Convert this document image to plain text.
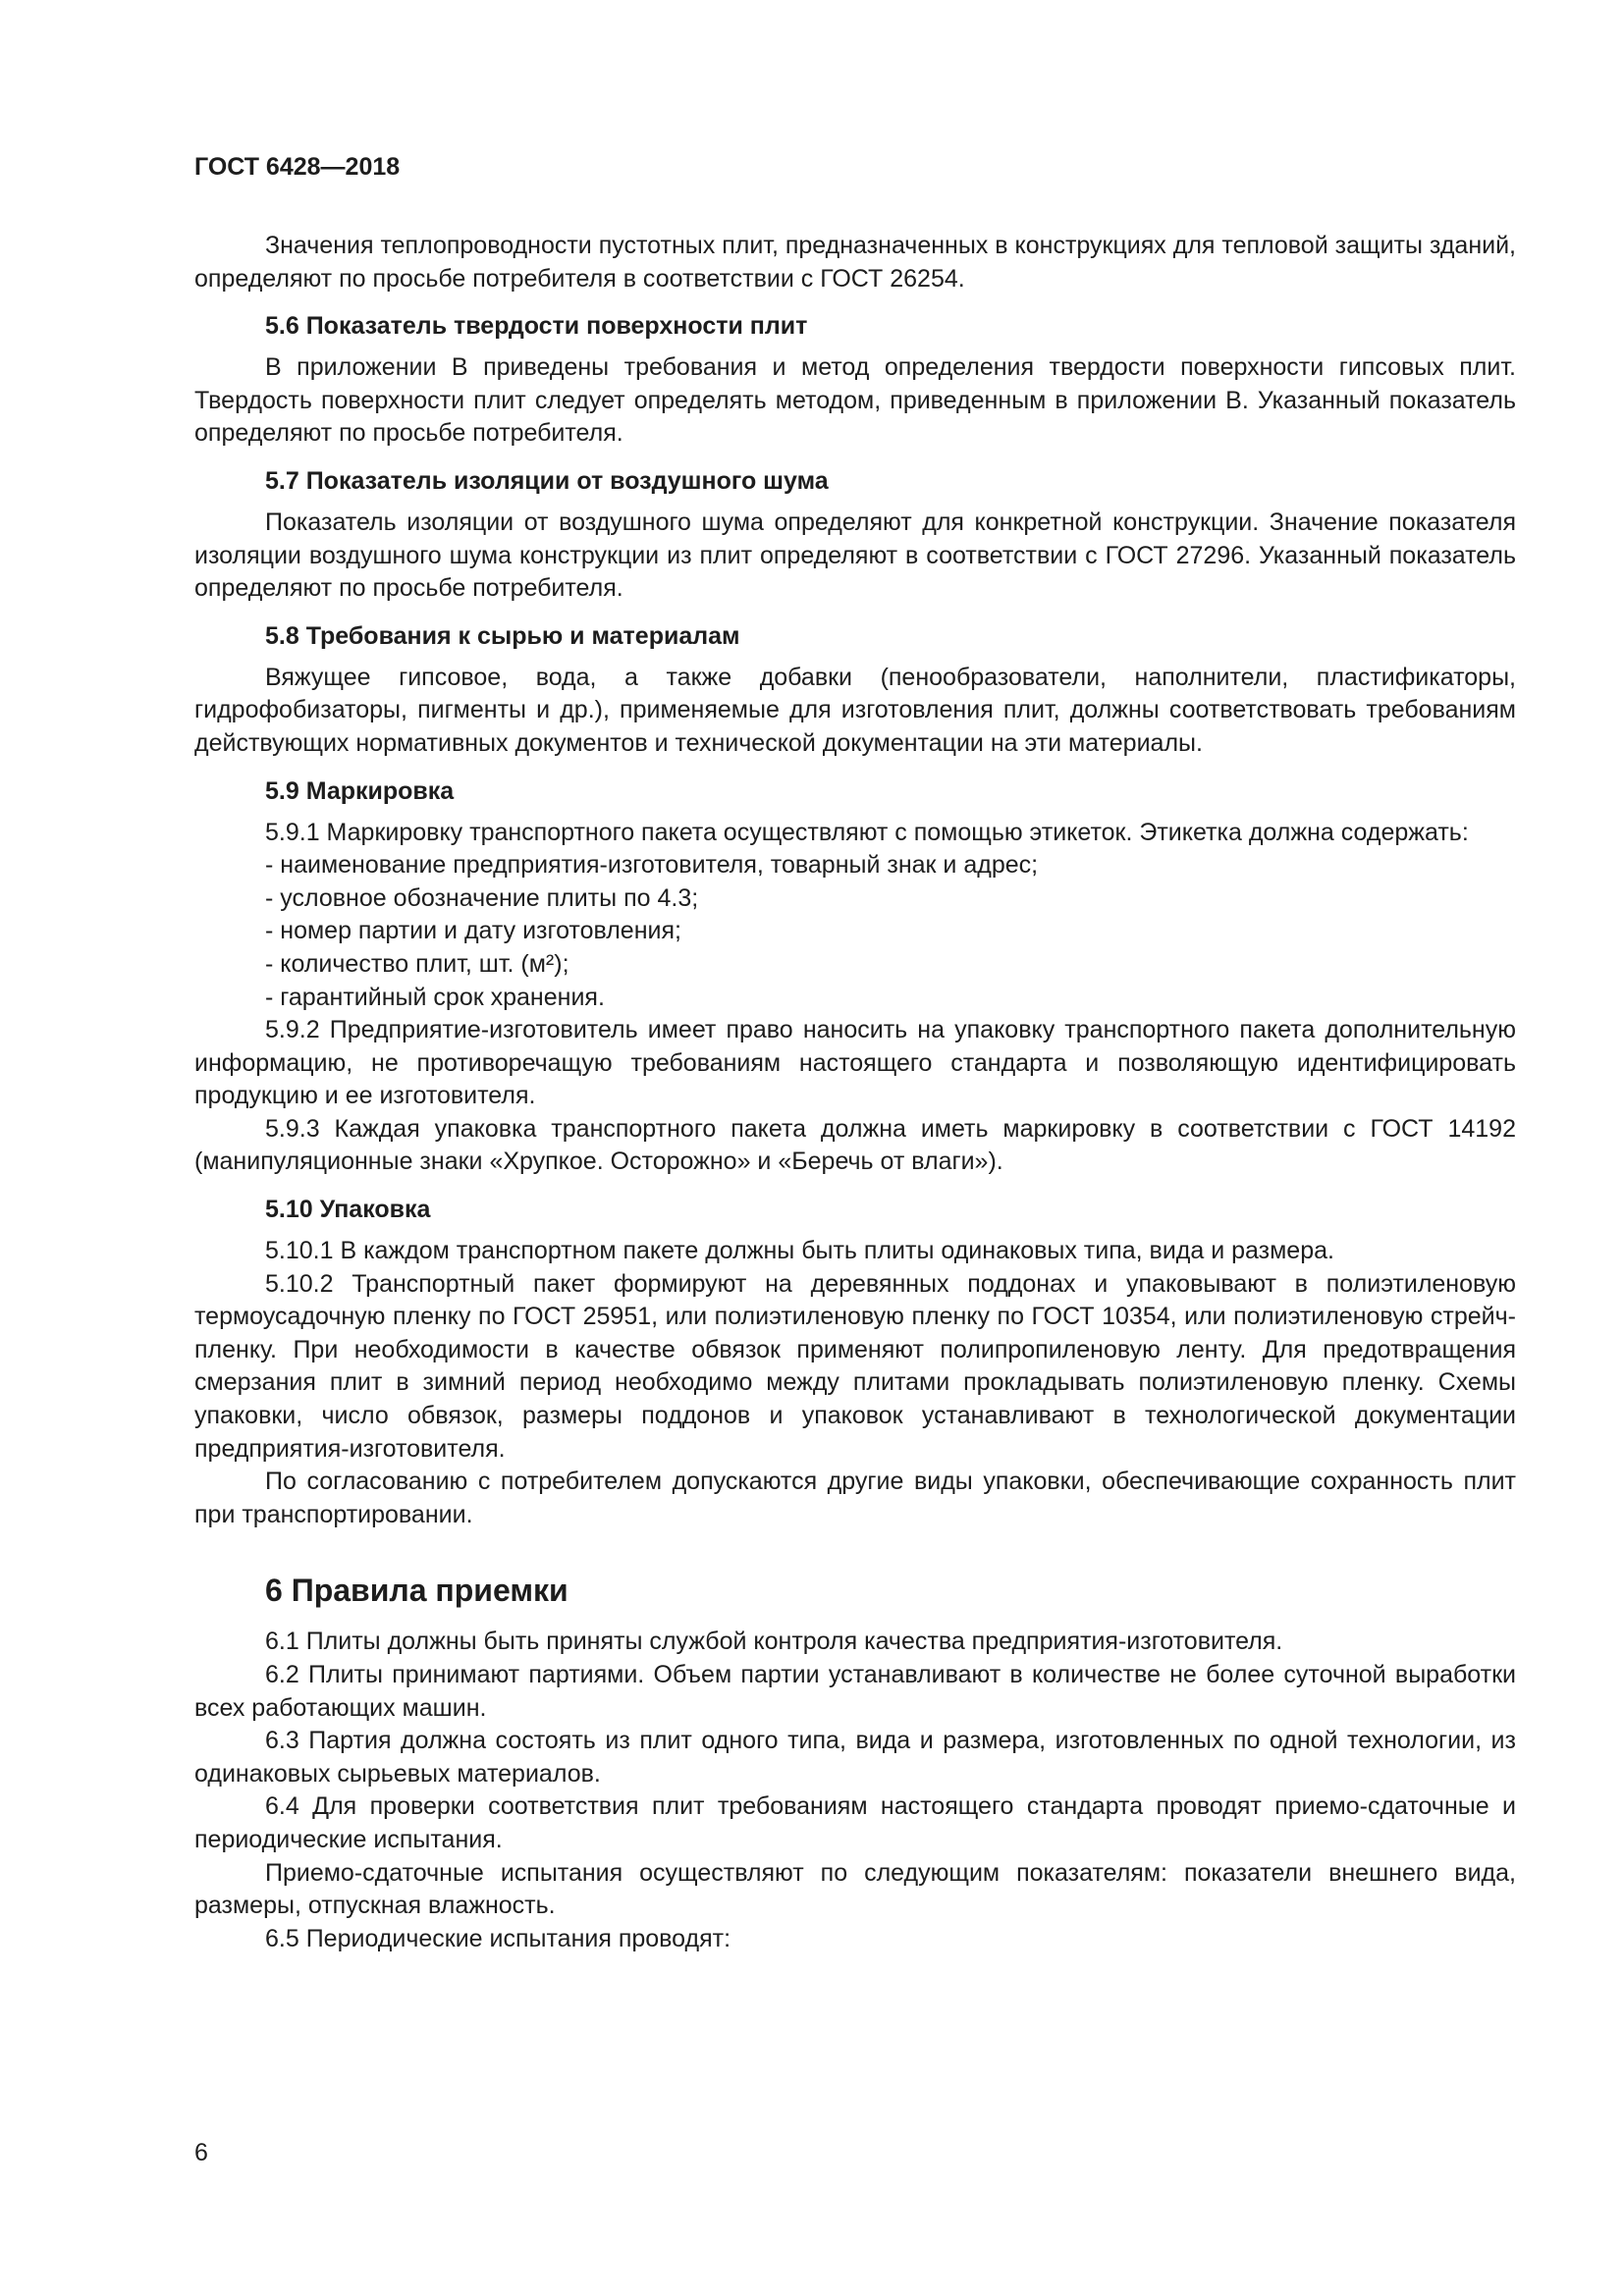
ГОСТ 6428—2018

Значения теплопроводности пустотных плит, предназначенных в конструкциях для тепловой защиты зданий, определяют по просьбе потребителя в соответствии с ГОСТ 26254.

5.6 Показатель твердости поверхности плит

В приложении В приведены требования и метод определения твердости поверхности гипсовых плит. Твердость поверхности плит следует определять методом, приведенным в приложении В. Указанный показатель определяют по просьбе потребителя.

5.7 Показатель изоляции от воздушного шума

Показатель изоляции от воздушного шума определяют для конкретной конструкции. Значение показателя изоляции воздушного шума конструкции из плит определяют в соответствии с ГОСТ 27296. Указанный показатель определяют по просьбе потребителя.

5.8 Требования к сырью и материалам

Вяжущее гипсовое, вода, а также добавки (пенообразователи, наполнители, пластификаторы, гидрофобизаторы, пигменты и др.), применяемые для изготовления плит, должны соответствовать требованиям действующих нормативных документов и технической документации на эти материалы.

5.9 Маркировка

5.9.1 Маркировку транспортного пакета осуществляют с помощью этикеток. Этикетка должна содержать:

- наименование предприятия-изготовителя, товарный знак и адрес;

- условное обозначение плиты по 4.3;

- номер партии и дату изготовления;

- количество плит, шт. (м²);

- гарантийный срок хранения.

5.9.2 Предприятие-изготовитель имеет право наносить на упаковку транспортного пакета дополнительную информацию, не противоречащую требованиям настоящего стандарта и позволяющую идентифицировать продукцию и ее изготовителя.

5.9.3 Каждая упаковка транспортного пакета должна иметь маркировку в соответствии с ГОСТ 14192 (манипуляционные знаки «Хрупкое. Осторожно» и «Беречь от влаги»).

5.10 Упаковка

5.10.1 В каждом транспортном пакете должны быть плиты одинаковых типа, вида и размера.

5.10.2 Транспортный пакет формируют на деревянных поддонах и упаковывают в полиэтиленовую термоусадочную пленку по ГОСТ 25951, или полиэтиленовую пленку по ГОСТ 10354, или полиэтиленовую стрейч-пленку. При необходимости в качестве обвязок применяют полипропиленовую ленту. Для предотвращения смерзания плит в зимний период необходимо между плитами прокладывать полиэтиленовую пленку. Схемы упаковки, число обвязок, размеры поддонов и упаковок устанавливают в технологической документации предприятия-изготовителя.

По согласованию с потребителем допускаются другие виды упаковки, обеспечивающие сохранность плит при транспортировании.

6 Правила приемки

6.1 Плиты должны быть приняты службой контроля качества предприятия-изготовителя.

6.2 Плиты принимают партиями. Объем партии устанавливают в количестве не более суточной выработки всех работающих машин.

6.3 Партия должна состоять из плит одного типа, вида и размера, изготовленных по одной технологии, из одинаковых сырьевых материалов.

6.4 Для проверки соответствия плит требованиям настоящего стандарта проводят приемо-сдаточные и периодические испытания.

Приемо-сдаточные испытания осуществляют по следующим показателям: показатели внешнего вида, размеры, отпускная влажность.

6.5 Периодические испытания проводят:

6
